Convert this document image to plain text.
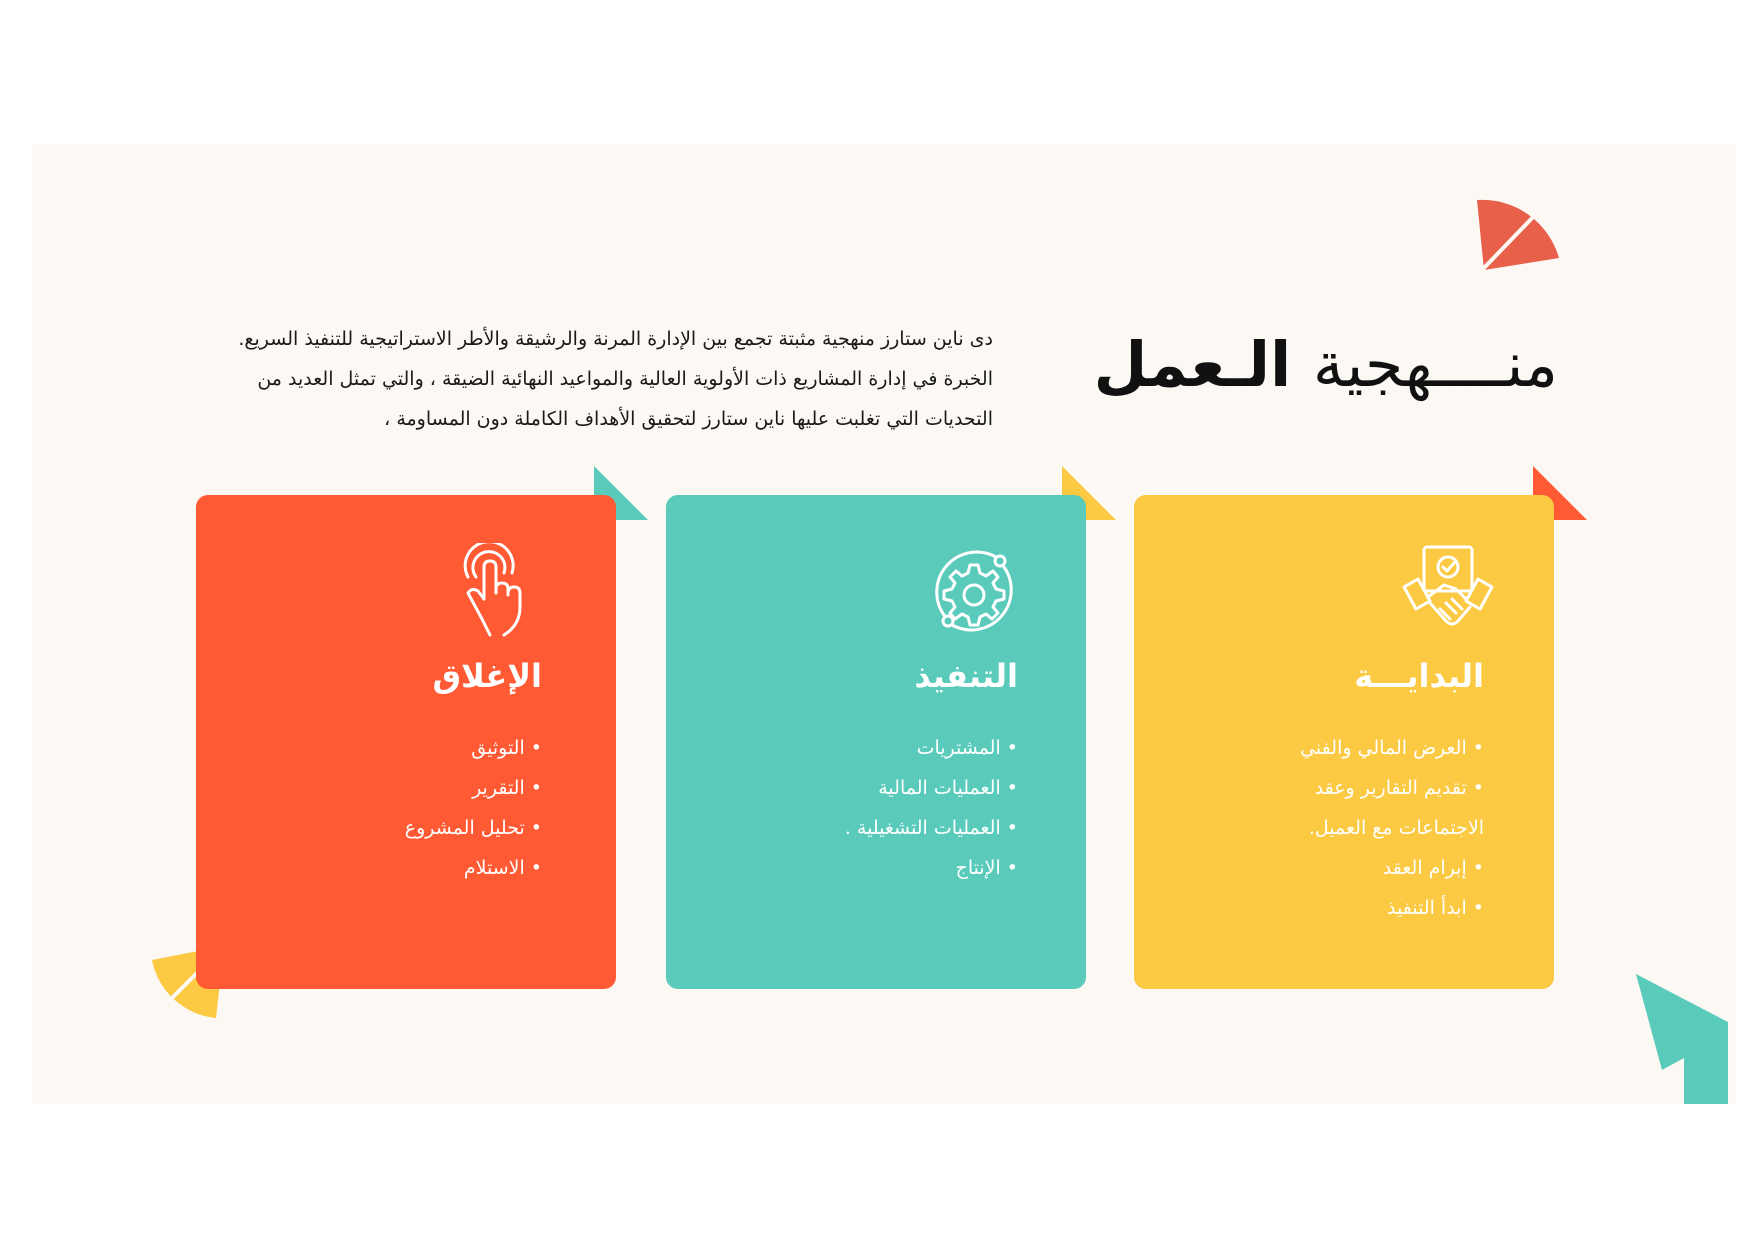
منــــهجية الـعمل

دى ناين ستارز منهجية مثبتة تجمع بين الإدارة المرنة والرشيقة والأطر الاستراتيجية للتنفيذ السريع. الخبرة في إدارة المشاريع ذات الأولوية العالية والمواعيد النهائية الضيقة ، والتي تمثل العديد من التحديات التي تغلبت عليها ناين ستارز لتحقيق الأهداف الكاملة دون المساومة ،

البدايـــة
• العرض المالي والفني
• تقديم التقارير وعقد
الاجتماعات مع العميل.
• إبرام العقد
• ابدأ التنفيذ
التنفيذ
• المشتريات
• العمليات المالية
• العمليات التشغيلية .
• الإنتاج
الإغلاق
• التوثيق
• التقرير
• تحليل المشروع
• الاستلام
